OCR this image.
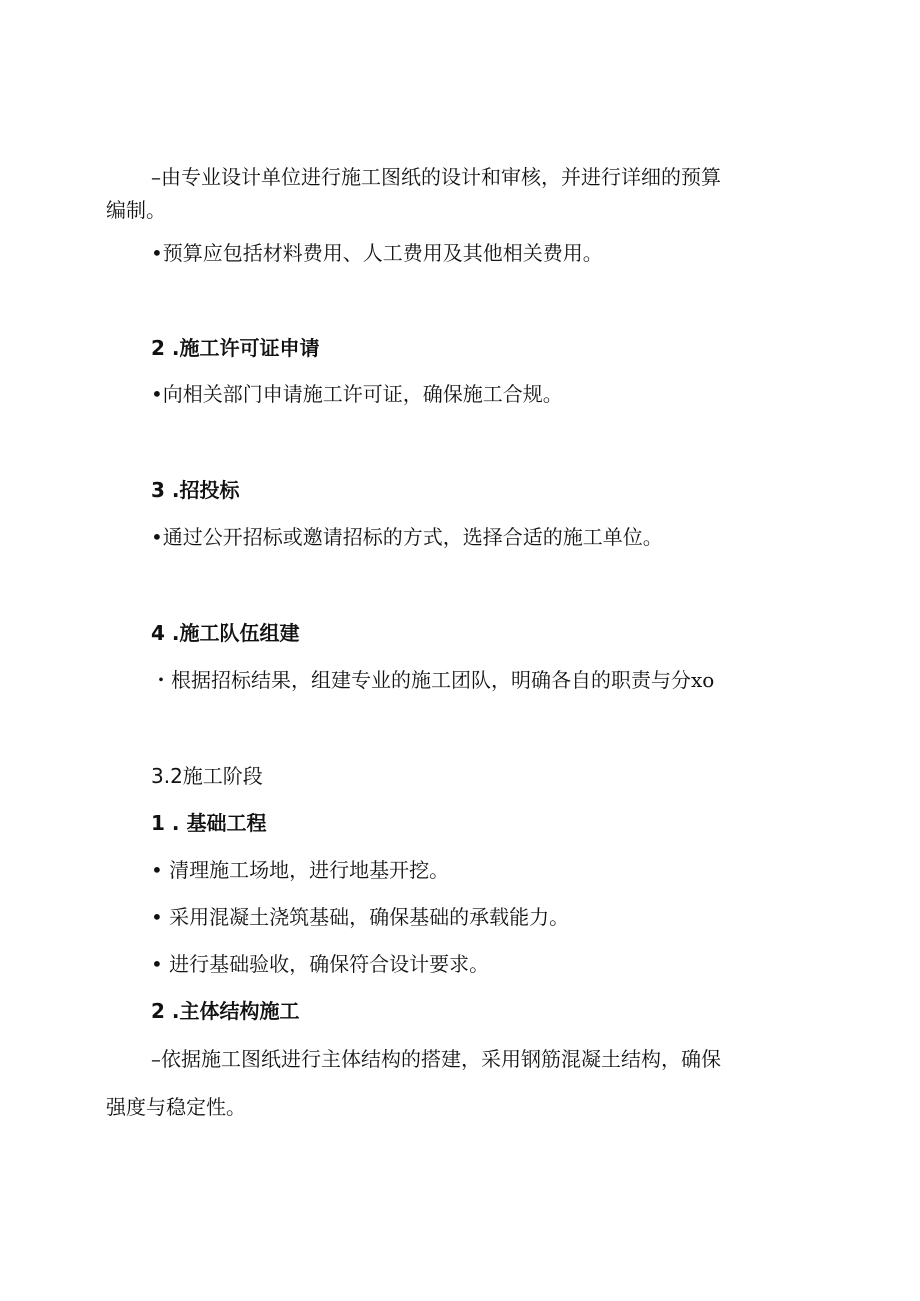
–由专业设计单位进行施工图纸的设计和审核，并进行详细的预算
编制。
•预算应包括材料费用、人工费用及其他相关费用。
2 .施工许可证申请
•向相关部门申请施工许可证，确保施工合规。
3 .招投标
•通过公开招标或邀请招标的方式，选择合适的施工单位。
4 .施工队伍组建
・根据招标结果，组建专业的施工团队，明确各自的职责与分xo
3.2施工阶段
1 . 基础工程
• 清理施工场地，进行地基开挖。
• 采用混凝土浇筑基础，确保基础的承载能力。
• 进行基础验收，确保符合设计要求。
2 .主体结构施工
–依据施工图纸进行主体结构的搭建，采用钢筋混凝土结构，确保
强度与稳定性。
